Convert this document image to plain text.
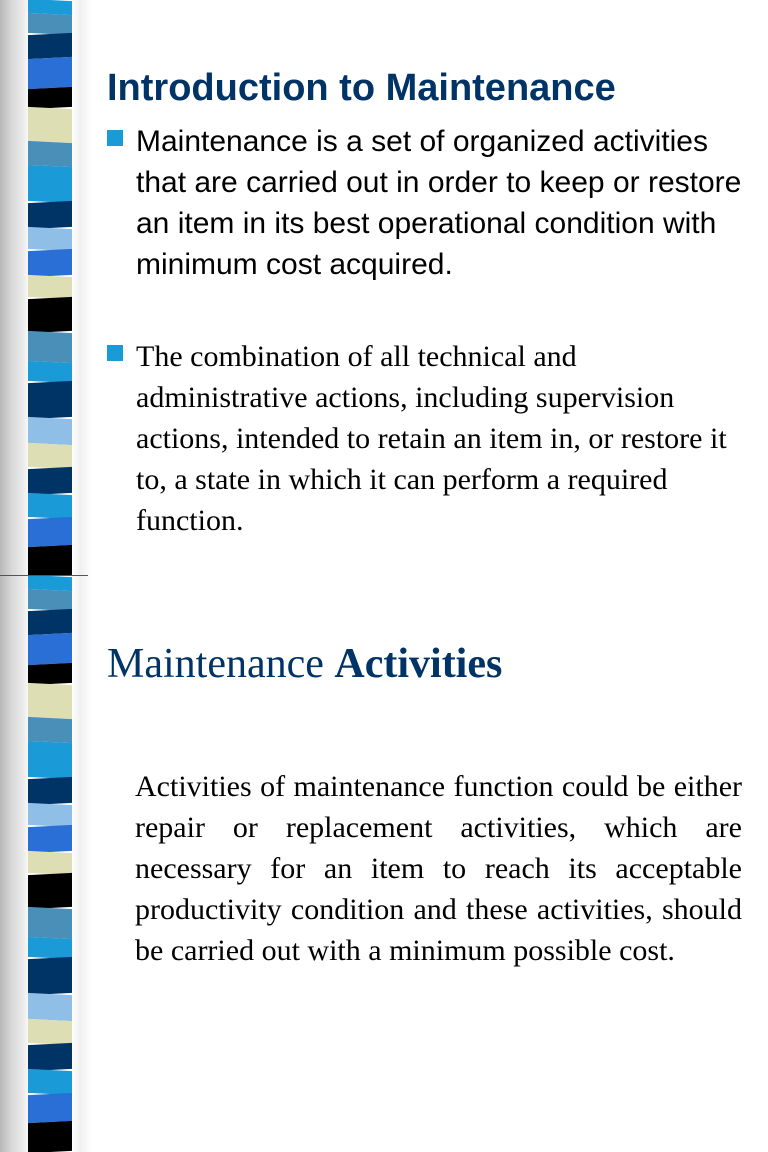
Introduction to Maintenance

Maintenance is a set of organized activities that are carried out in order to keep or restore an item in its best operational condition with minimum cost acquired.

The combination of all technical and administrative actions, including supervision actions, intended to retain an item in, or restore it to, a state in which it can perform a required function.

Maintenance Activities

Activities of maintenance function could be either repair or replacement activities, which are necessary for an item to reach its acceptable productivity condition and these activities, should be carried out with a minimum possible cost.
